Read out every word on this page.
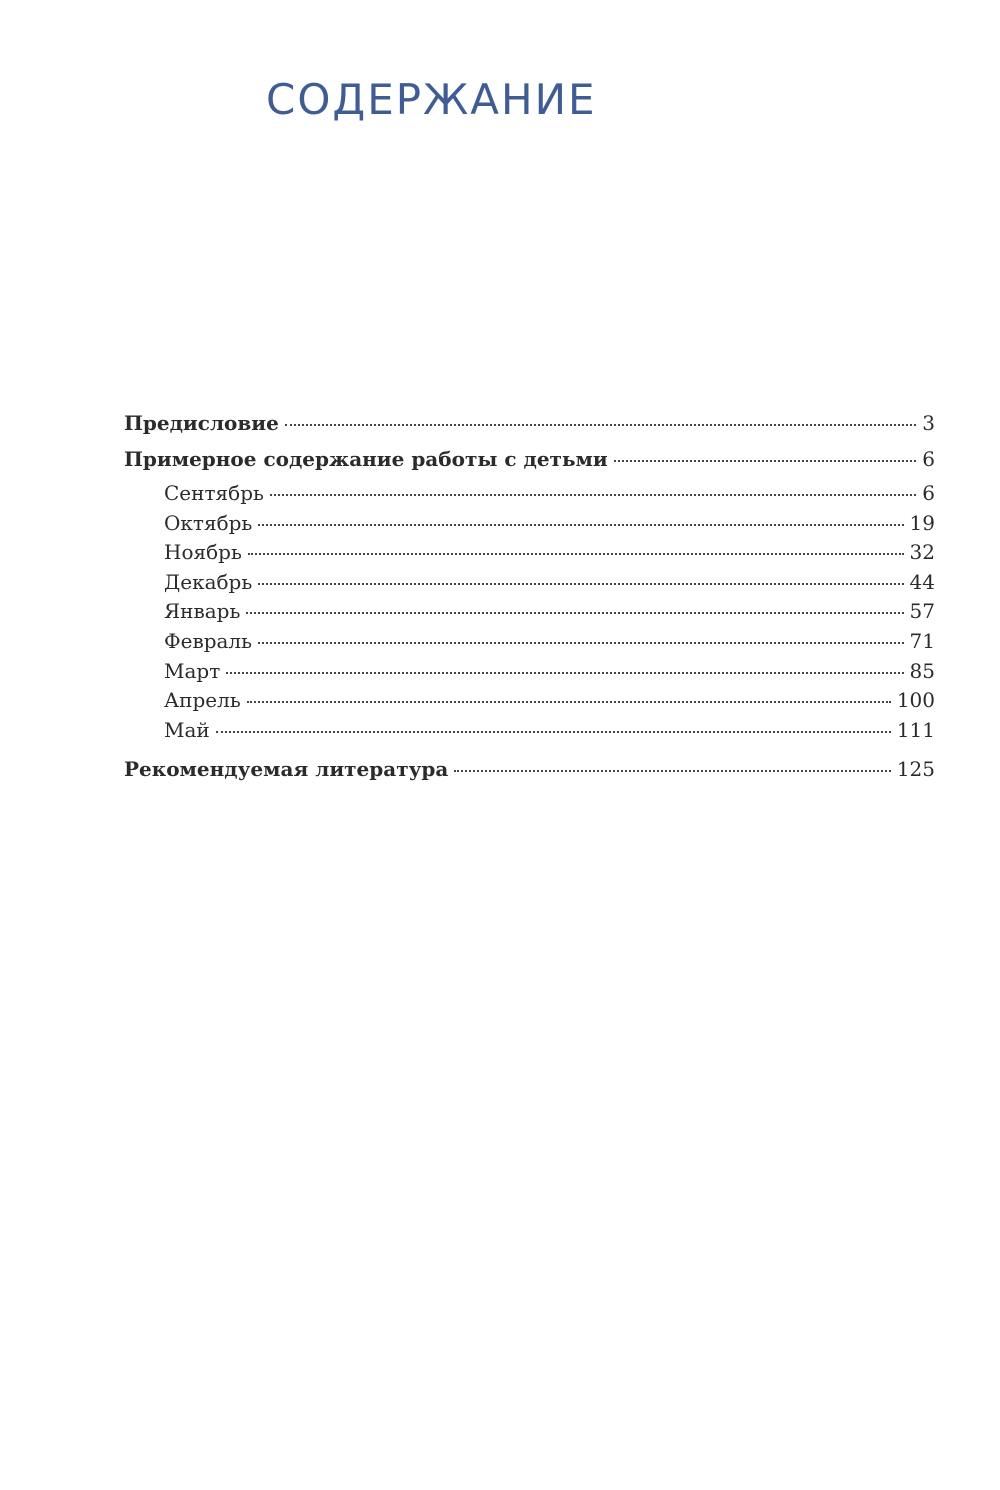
СОДЕРЖАНИЕ
Предисловие	3
Примерное содержание работы с детьми	6
Сентябрь	6
Октябрь	19
Ноябрь	32
Декабрь	44
Январь	57
Февраль	71
Март	85
Апрель	100
Май	111
Рекомендуемая литература	125
